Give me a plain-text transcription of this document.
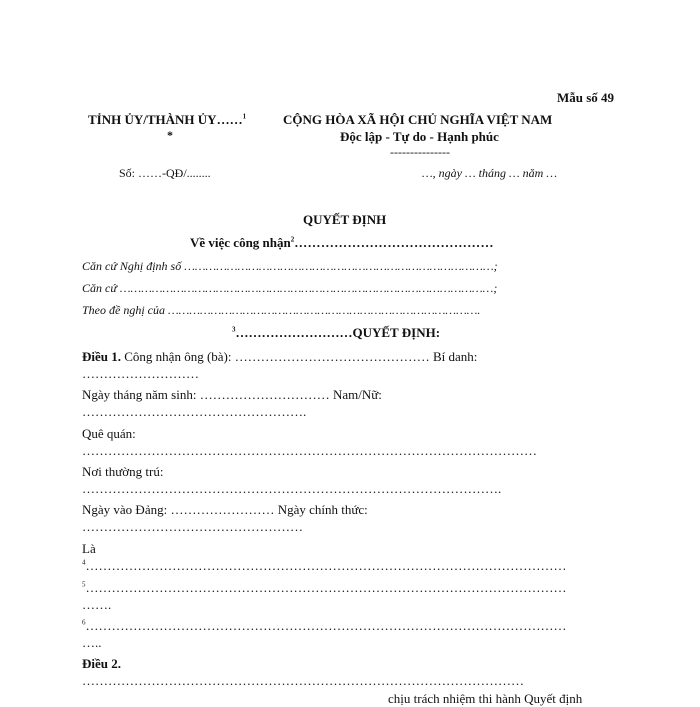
Mẫu số 49
TỈNH ỦY/THÀNH ỦY……$^1$
*
CỘNG HÒA XÃ HỘI CHỦ NGHĨA VIỆT NAM
Độc lập - Tự do - Hạnh phúc
---------------
Số: ……-QĐ/........	…, ngày … tháng … năm …
QUYẾT ĐỊNH
Về việc công nhận$^2$………………………………………
Căn cứ Nghị định số ……………………………………………………………………………;
Căn cứ ……………………………………………………………………………………………;
Theo đề nghị của …………………………………………………………………………….
$^3$………………………QUYẾT ĐỊNH:
Điều 1. Công nhận ông (bà): ……………………………………… Bí danh:
………………………
Ngày tháng năm sinh: ………………………… Nam/Nữ:
…………………………………………….
Quê quán:
……………………………………………………………………………………………
Nơi thường trú:
…………………………………………………………………………………….
Ngày vào Đảng: …………………… Ngày chính thức:
……………………………………………
Là
$^4$…………………………………………………………………………………………………
$^5$…………………………………………………………………………………………………
…….
$^6$…………………………………………………………………………………………………
…..
Điều 2.
…………………………………………………………………………………………
chịu trách nhiệm thi hành Quyết định
